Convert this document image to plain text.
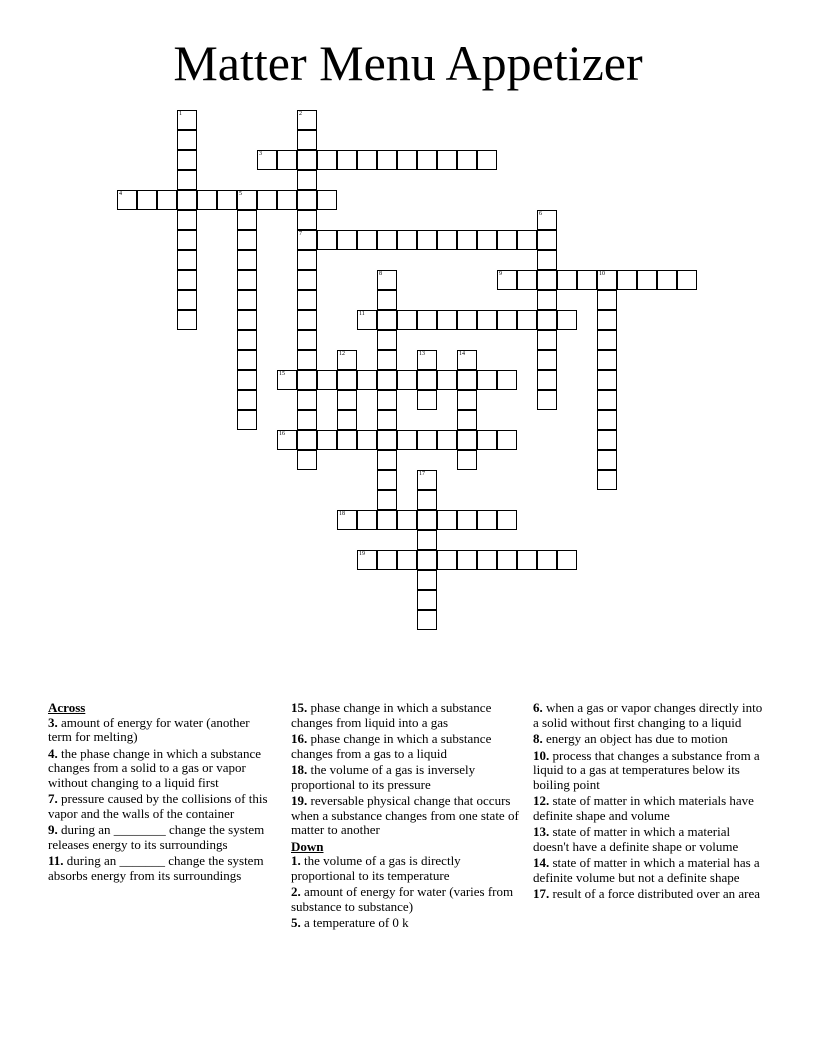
Matter Menu Appetizer
1	2
7
3
4	5
6
8	9	10
11
12	13	14
15
16
17
18
19
Across
3. amount of energy for water (another term for melting)
4. the phase change in which a substance changes from a solid to a gas or vapor without changing to a liquid first
7. pressure caused by the collisions of this vapor and the walls of the container
9. during an ________ change the system releases energy to its surroundings
11. during an _______ change the system absorbs energy from its surroundings
15. phase change in which a substance changes from liquid into a gas
16. phase change in which a substance changes from a gas to a liquid
18. the volume of a gas is inversely proportional to its pressure
19. reversable physical change that occurs when a substance changes from one state of matter to another
Down
1. the volume of a gas is directly proportional to its temperature
2. amount of energy for water (varies from substance to substance)
5. a temperature of 0 k
6. when a gas or vapor changes directly into a solid without first changing to a liquid
8. energy an object has due to motion
10. process that changes a substance from a liquid to a gas at temperatures below its boiling point
12. state of matter in which materials have definite shape and volume
13. state of matter in which a material doesn't have a definite shape or volume
14. state of matter in which a material has a definite volume but not a definite shape
17. result of a force distributed over an area
